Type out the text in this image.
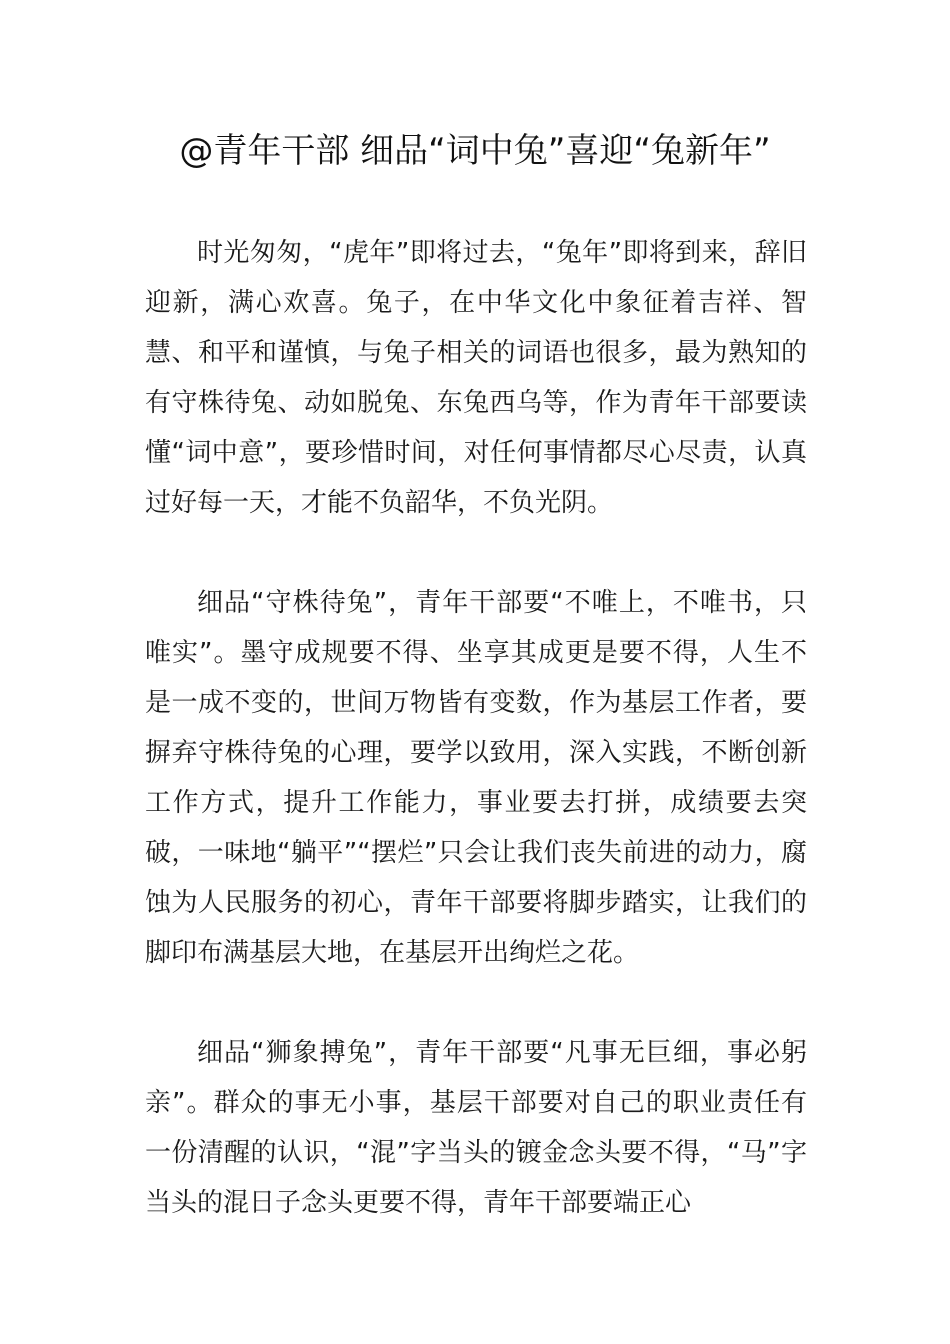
@青年干部 细品“词中兔”喜迎“兔新年”

时光匆匆，“虎年”即将过去，“兔年”即将到来，辞旧迎新，满心欢喜。兔子，在中华文化中象征着吉祥、智慧、和平和谨慎，与兔子相关的词语也很多，最为熟知的有守株待兔、动如脱兔、东兔西乌等，作为青年干部要读懂“词中意”，要珍惜时间，对任何事情都尽心尽责，认真过好每一天，才能不负韶华，不负光阴。

细品“守株待兔”，青年干部要“不唯上，不唯书，只唯实”。墨守成规要不得、坐享其成更是要不得，人生不是一成不变的，世间万物皆有变数，作为基层工作者，要摒弃守株待兔的心理，要学以致用，深入实践，不断创新工作方式，提升工作能力，事业要去打拼，成绩要去突破，一味地“躺平”“摆烂”只会让我们丧失前进的动力，腐蚀为人民服务的初心，青年干部要将脚步踏实，让我们的脚印布满基层大地，在基层开出绚烂之花。

细品“狮象搏兔”，青年干部要“凡事无巨细，事必躬亲”。群众的事无小事，基层干部要对自己的职业责任有一份清醒的认识，“混”字当头的镀金念头要不得，“马”字当头的混日子念头更要不得，青年干部要端正心
